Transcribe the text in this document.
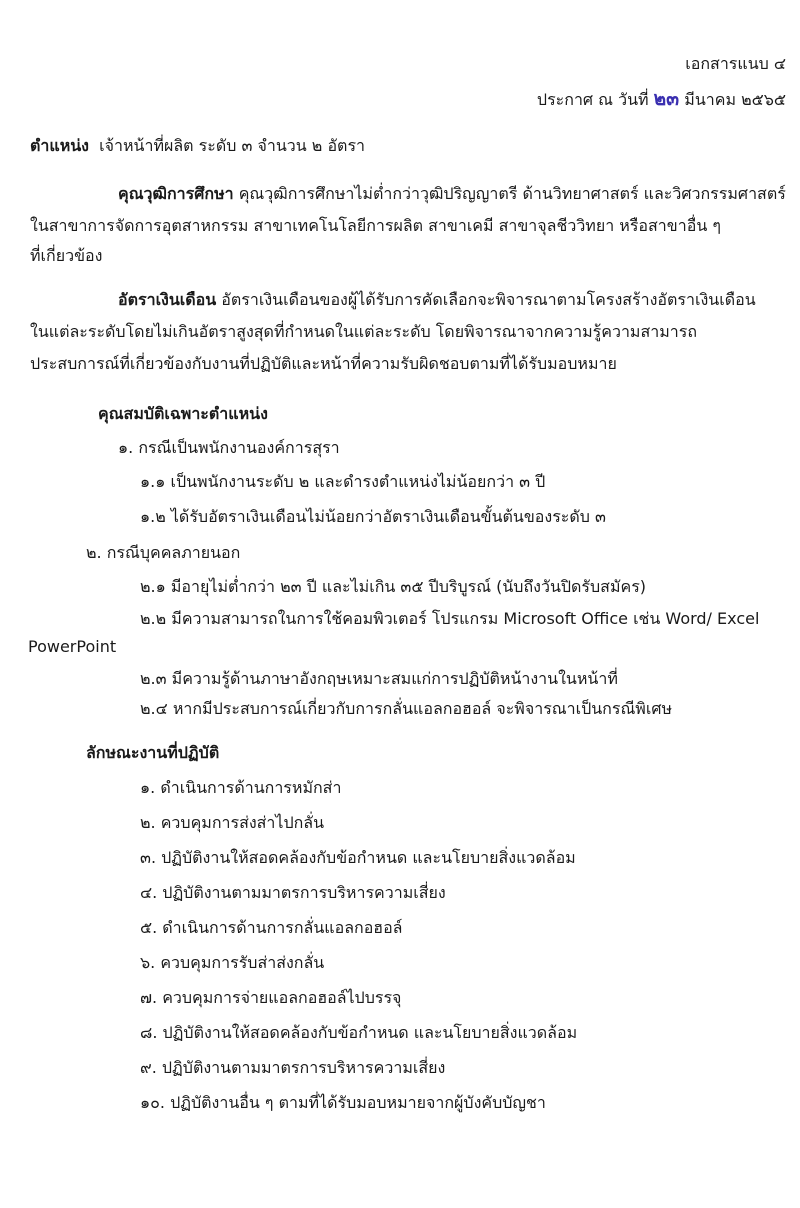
เอกสารแนบ ๔
ประกาศ ณ วันที่ ๒๓ มีนาคม ๒๕๖๕
ตำแหน่ง เจ้าหน้าที่ผลิต ระดับ ๓ จำนวน ๒ อัตรา
คุณวุฒิการศึกษา คุณวุฒิการศึกษาไม่ต่ำกว่าวุฒิปริญญาตรี ด้านวิทยาศาสตร์ และวิศวกรรมศาสตร์
ในสาขาการจัดการอุตสาหกรรม สาขาเทคโนโลยีการผลิต สาขาเคมี สาขาจุลชีววิทยา หรือสาขาอื่น ๆ
ที่เกี่ยวข้อง
อัตราเงินเดือน อัตราเงินเดือนของผู้ได้รับการคัดเลือกจะพิจารณาตามโครงสร้างอัตราเงินเดือน
ในแต่ละระดับโดยไม่เกินอัตราสูงสุดที่กำหนดในแต่ละระดับ โดยพิจารณาจากความรู้ความสามารถ
ประสบการณ์ที่เกี่ยวข้องกับงานที่ปฏิบัติและหน้าที่ความรับผิดชอบตามที่ได้รับมอบหมาย
คุณสมบัติเฉพาะตำแหน่ง
๑. กรณีเป็นพนักงานองค์การสุรา
๑.๑ เป็นพนักงานระดับ ๒ และดำรงตำแหน่งไม่น้อยกว่า ๓ ปี
๑.๒ ได้รับอัตราเงินเดือนไม่น้อยกว่าอัตราเงินเดือนขั้นต้นของระดับ ๓
๒. กรณีบุคคลภายนอก
๒.๑ มีอายุไม่ต่ำกว่า ๒๓ ปี และไม่เกิน ๓๕ ปีบริบูรณ์ (นับถึงวันปิดรับสมัคร)
๒.๒ มีความสามารถในการใช้คอมพิวเตอร์ โปรแกรม Microsoft Office เช่น Word/ Excel
PowerPoint
๒.๓ มีความรู้ด้านภาษาอังกฤษเหมาะสมแก่การปฏิบัติหน้างานในหน้าที่
๒.๔ หากมีประสบการณ์เกี่ยวกับการกลั่นแอลกอฮอล์ จะพิจารณาเป็นกรณีพิเศษ
ลักษณะงานที่ปฏิบัติ
๑. ดำเนินการด้านการหมักส่า
๒. ควบคุมการส่งส่าไปกลั่น
๓. ปฏิบัติงานให้สอดคล้องกับข้อกำหนด และนโยบายสิ่งแวดล้อม
๔. ปฏิบัติงานตามมาตรการบริหารความเสี่ยง
๕. ดำเนินการด้านการกลั่นแอลกอฮอล์
๖. ควบคุมการรับส่าส่งกลั่น
๗. ควบคุมการจ่ายแอลกอฮอล์ไปบรรจุ
๘. ปฏิบัติงานให้สอดคล้องกับข้อกำหนด และนโยบายสิ่งแวดล้อม
๙. ปฏิบัติงานตามมาตรการบริหารความเสี่ยง
๑๐. ปฏิบัติงานอื่น ๆ ตามที่ได้รับมอบหมายจากผู้บังคับบัญชา
